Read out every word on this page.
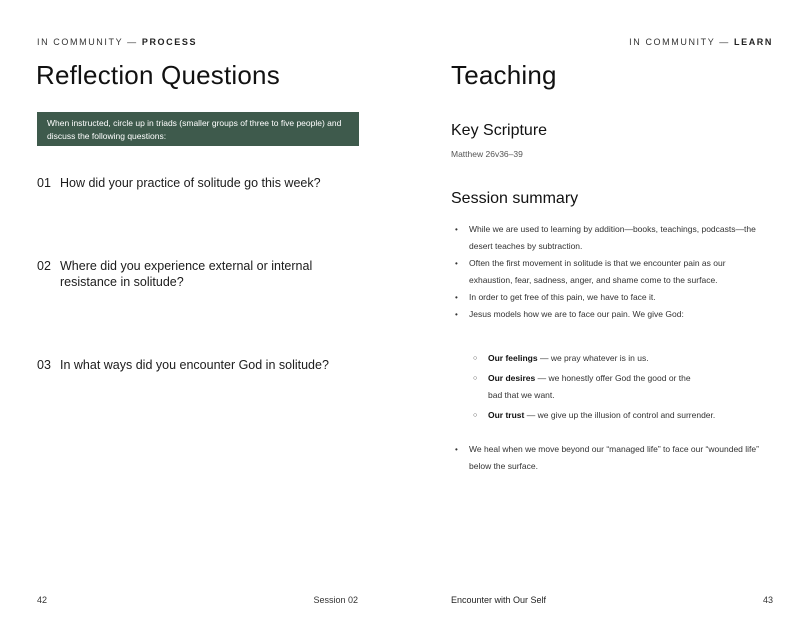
IN COMMUNITY — PROCESS
Reflection Questions
When instructed, circle up in triads (smaller groups of three to five people) and discuss the following questions:
01 How did your practice of solitude go this week?
02 Where did you experience external or internal resistance in solitude?
03 In what ways did you encounter God in solitude?
42	Session 02
IN COMMUNITY — LEARN
Teaching
Key Scripture
Matthew 26v36–39
Session summary
• While we are used to learning by addition—books, teachings, podcasts—the desert teaches by subtraction.
• Often the first movement in solitude is that we encounter pain as our exhaustion, fear, sadness, anger, and shame come to the surface.
• In order to get free of this pain, we have to face it.
• Jesus models how we are to face our pain. We give God:
○ Our feelings — we pray whatever is in us.
○ Our desires — we honestly offer God the good or the bad that we want.
○ Our trust — we give up the illusion of control and surrender.
• We heal when we move beyond our “managed life” to face our “wounded life” below the surface.
Encounter with Our Self	43
